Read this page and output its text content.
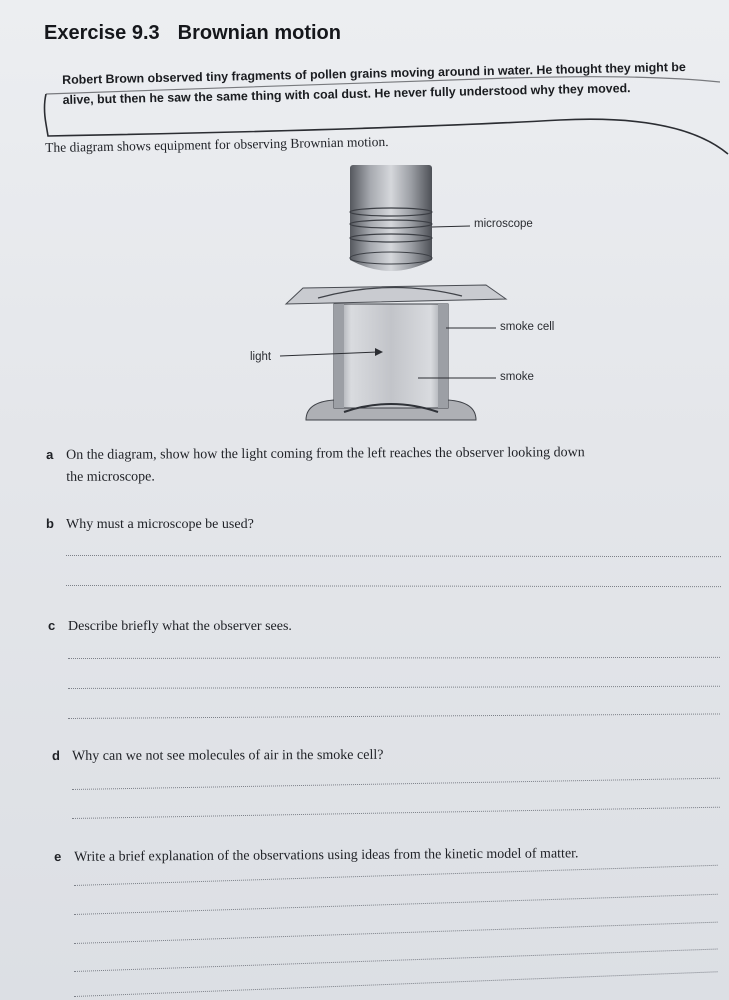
Exercise 9.3 Brownian motion
Robert Brown observed tiny fragments of pollen grains moving around in water. He thought they might be
alive, but then he saw the same thing with coal dust. He never fully understood why they moved.
The diagram shows equipment for observing Brownian motion.
microscope
smoke cell
light
smoke
a On the diagram, show how the light coming from the left reaches the observer looking down
the microscope.
b Why must a microscope be used?
c Describe briefly what the observer sees.
d Why can we not see molecules of air in the smoke cell?
e Write a brief explanation of the observations using ideas from the kinetic model of matter.
